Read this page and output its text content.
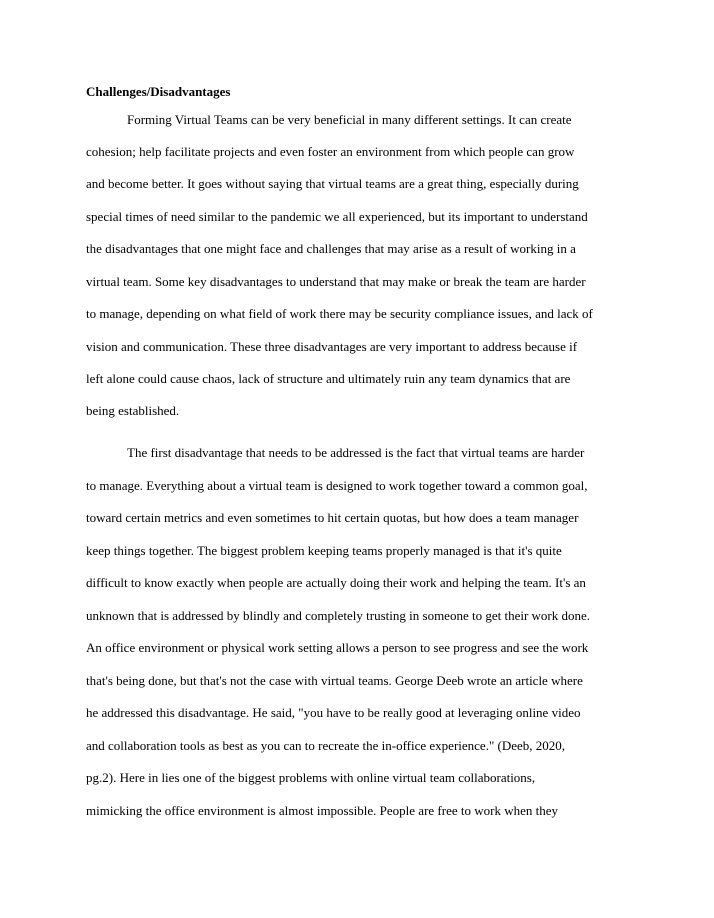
Challenges/Disadvantages
Forming Virtual Teams can be very beneficial in many different settings. It can create
cohesion; help facilitate projects and even foster an environment from which people can grow
and become better. It goes without saying that virtual teams are a great thing, especially during
special times of need similar to the pandemic we all experienced, but its important to understand
the disadvantages that one might face and challenges that may arise as a result of working in a
virtual team. Some key disadvantages to understand that may make or break the team are harder
to manage, depending on what field of work there may be security compliance issues, and lack of
vision and communication. These three disadvantages are very important to address because if
left alone could cause chaos, lack of structure and ultimately ruin any team dynamics that are
being established.
The first disadvantage that needs to be addressed is the fact that virtual teams are harder
to manage. Everything about a virtual team is designed to work together toward a common goal,
toward certain metrics and even sometimes to hit certain quotas, but how does a team manager
keep things together. The biggest problem keeping teams properly managed is that it's quite
difficult to know exactly when people are actually doing their work and helping the team. It's an
unknown that is addressed by blindly and completely trusting in someone to get their work done.
An office environment or physical work setting allows a person to see progress and see the work
that's being done, but that's not the case with virtual teams. George Deeb wrote an article where
he addressed this disadvantage. He said, "you have to be really good at leveraging online video
and collaboration tools as best as you can to recreate the in-office experience." (Deeb, 2020,
pg.2). Here in lies one of the biggest problems with online virtual team collaborations,
mimicking the office environment is almost impossible. People are free to work when they
